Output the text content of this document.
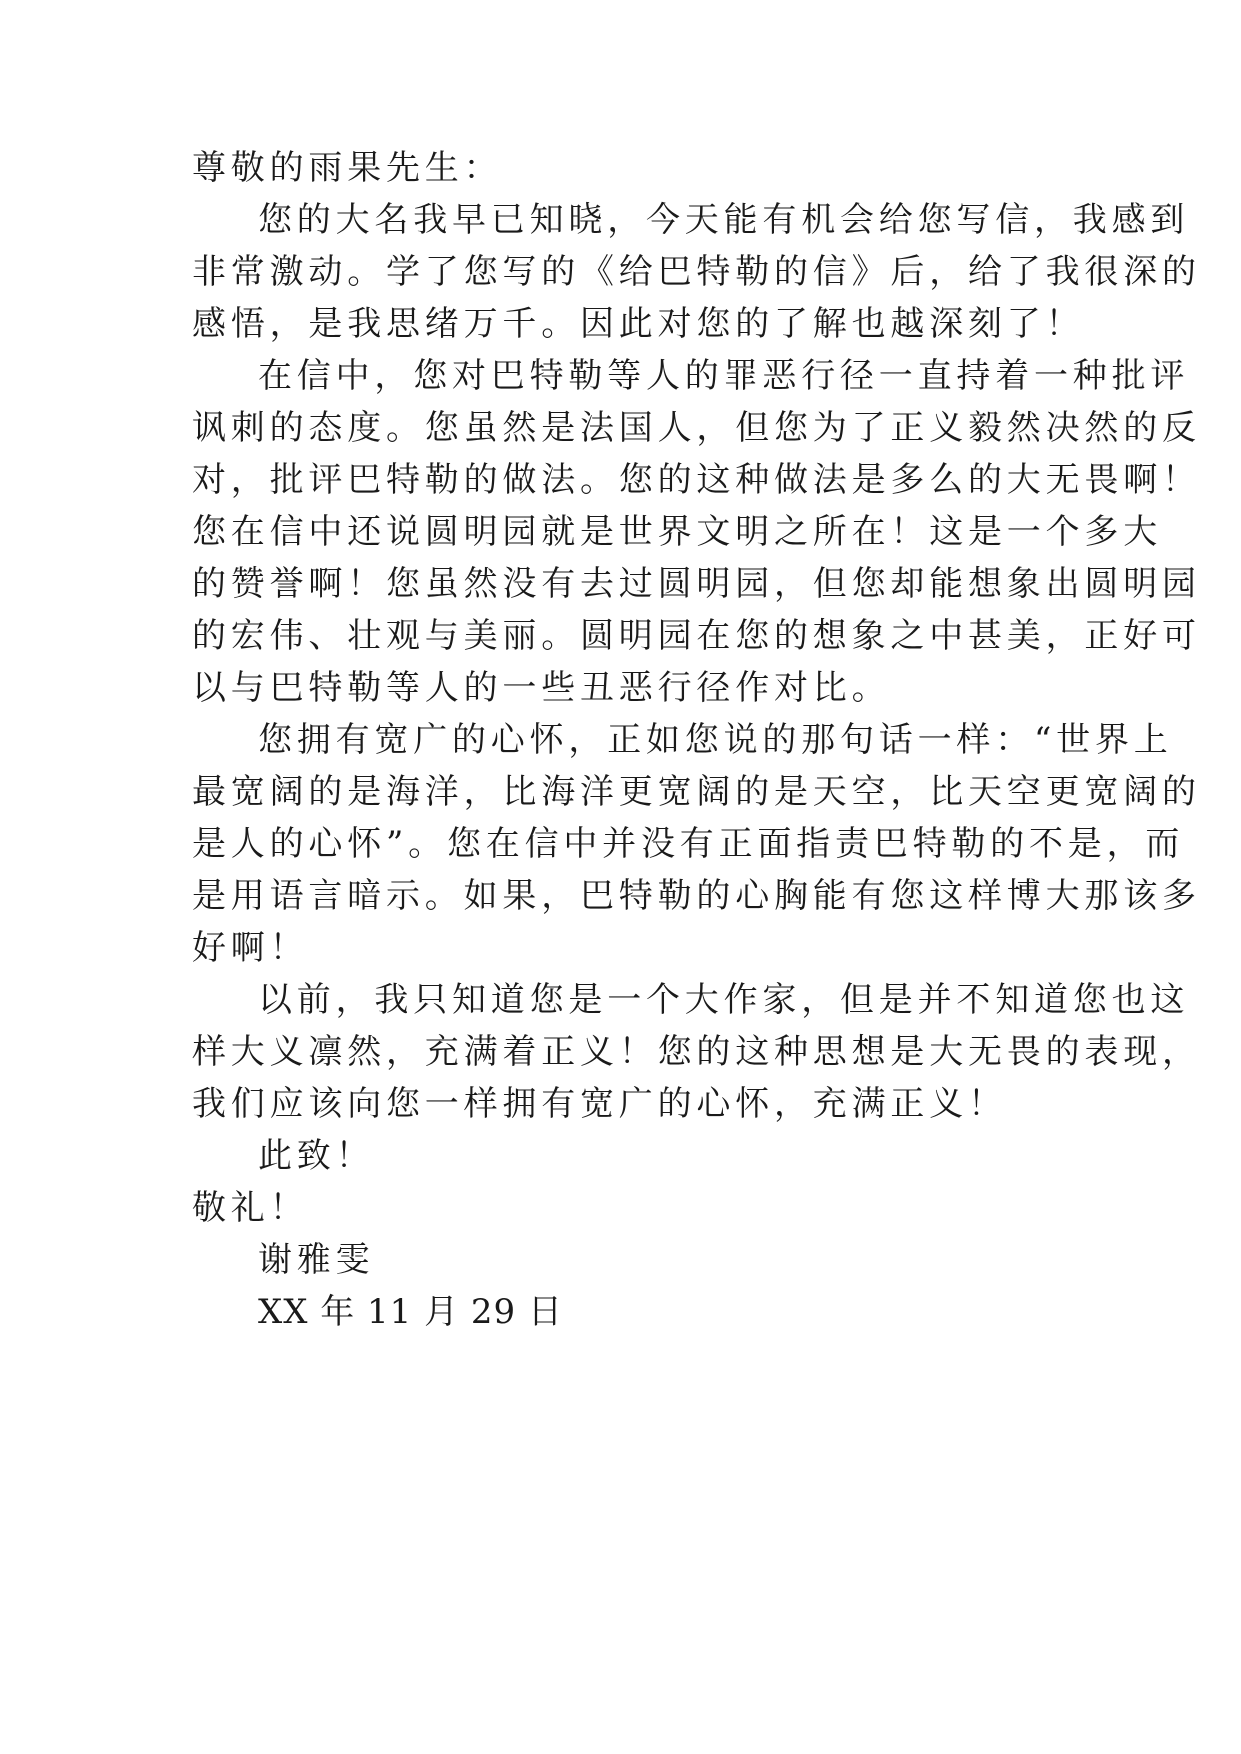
尊敬的雨果先生：
您的大名我早已知晓，今天能有机会给您写信，我感到
非常激动。学了您写的《给巴特勒的信》后，给了我很深的
感悟，是我思绪万千。因此对您的了解也越深刻了！
在信中，您对巴特勒等人的罪恶行径一直持着一种批评
讽刺的态度。您虽然是法国人，但您为了正义毅然决然的反
对，批评巴特勒的做法。您的这种做法是多么的大无畏啊！
您在信中还说圆明园就是世界文明之所在！这是一个多大
的赞誉啊！您虽然没有去过圆明园，但您却能想象出圆明园
的宏伟、壮观与美丽。圆明园在您的想象之中甚美，正好可
以与巴特勒等人的一些丑恶行径作对比。
您拥有宽广的心怀，正如您说的那句话一样：“世界上
最宽阔的是海洋，比海洋更宽阔的是天空，比天空更宽阔的
是人的心怀”。您在信中并没有正面指责巴特勒的不是，而
是用语言暗示。如果，巴特勒的心胸能有您这样博大那该多
好啊！
以前，我只知道您是一个大作家，但是并不知道您也这
样大义凛然，充满着正义！您的这种思想是大无畏的表现，
我们应该向您一样拥有宽广的心怀，充满正义！
此致！
敬礼！
谢雅雯
XX 年 11 月 29 日
